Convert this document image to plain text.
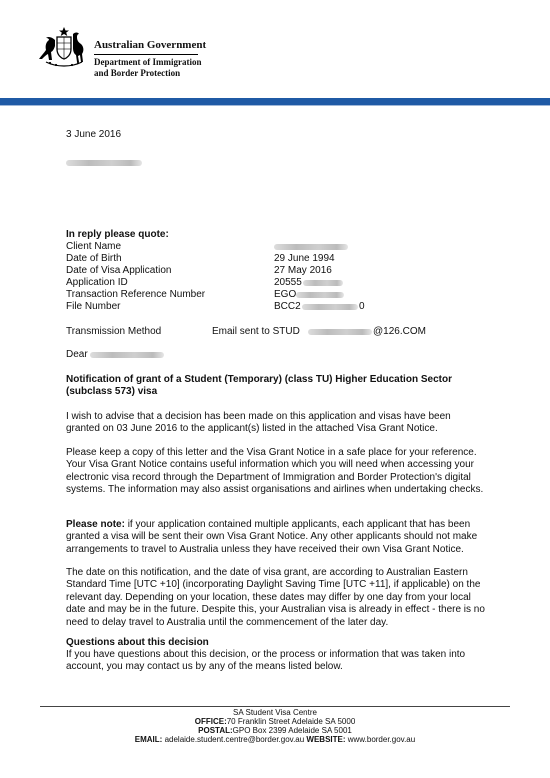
Australian Government
Department of Immigration
and Border Protection
3 June 2016
In reply please quote:
Client Name
Date of Birth	29 June 1994
Date of Visa Application	27 May 2016
Application ID	20555
Transaction Reference Number	EGO
File Number	BCC2	0
Transmission Method	Email sent to STUD	@126.COM
Dear
Notification of grant of a Student (Temporary) (class TU) Higher Education Sector (subclass 573) visa
I wish to advise that a decision has been made on this application and visas have been granted on 03 June 2016 to the applicant(s) listed in the attached Visa Grant Notice.
Please keep a copy of this letter and the Visa Grant Notice in a safe place for your reference. Your Visa Grant Notice contains useful information which you will need when accessing your electronic visa record through the Department of Immigration and Border Protection's digital systems. The information may also assist organisations and airlines when undertaking checks.
Please note: if your application contained multiple applicants, each applicant that has been granted a visa will be sent their own Visa Grant Notice. Any other applicants should not make arrangements to travel to Australia unless they have received their own Visa Grant Notice.
The date on this notification, and the date of visa grant, are according to Australian Eastern Standard Time [UTC +10] (incorporating Daylight Saving Time [UTC +11], if applicable) on the relevant day. Depending on your location, these dates may differ by one day from your local date and may be in the future. Despite this, your Australian visa is already in effect - there is no need to delay travel to Australia until the commencement of the later day.
Questions about this decision
If you have questions about this decision, or the process or information that was taken into account, you may contact us by any of the means listed below.
SA Student Visa Centre
OFFICE:70 Franklin Street Adelaide SA 5000
POSTAL:GPO Box 2399 Adelaide SA 5001
EMAIL: adelaide.student.centre@border.gov.au WEBSITE: www.border.gov.au
